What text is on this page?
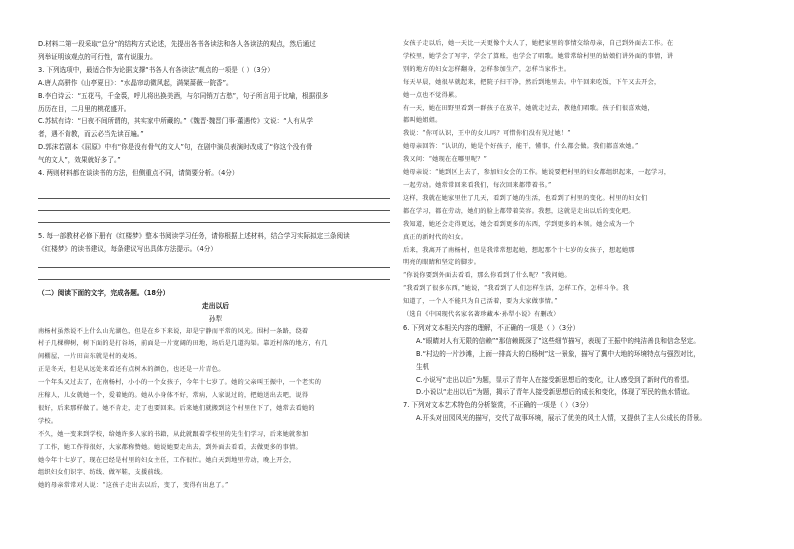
D.材料二第一段采取“总分”的结构方式论述，先提出各书各读法和各人各读法的观点，然后通过
列举证明该观点的可行性，富有说服力。
3. 下列选项中，最适合作为论据支撑“书各人有各读法”观点的一项是（ ）（3分）
A.唐人高骈作《山亭夏日》：“水晶帘动微风起，满架蔷薇一院香”。
B.李白诗云：“五花马，千金裘，呼儿将出换美酒，与尔同销万古愁”，句子所言用于比喻，根据很多
历历在目，二月里的桃花盛开。
C.苏轼有诗：“日夜不间所谓的，其实家中所藏的。”《魏晋·魏晋门事·董遇传》文说：“人有从学
者，遇不肯教，而云必当先读百遍。”
D.郭沫若剧本《屈原》中有“你是没有骨气的文人”句，在剧中演员表演时改成了“你这个没有骨
气的文人”，效果就好多了。”
4. 两则材料都在谈读书的方法，但侧重点不同，请简要分析。（4分）
5. 每一部教材必修下册有《红楼梦》整本书阅读学习任务，请你根据上述材料，结合学习实际拟定三条阅读
《红楼梦》的读书建议，每条建议写出具体方法提示。（4分）
（二）阅读下面的文字，完成各题。（18分）
走出以后
孙犁
南杨村虽然说不上什么山光湖色，但是在乡下来说，却是宁静而平常的风光。围村一条路，绕着
村子几棵柳树，树下面的是打谷场，前面是一片宽阔的田地，场后是几道沟渠。靠近村落的地方，有几
间棚屋，一片田亩东就是村的麦场。
正是冬天，但是从远处来看还有点树木的颜色，也还是一片青色。
一个年头又过去了，在南杨村，小小的一个女孩子，今年十七岁了。她的父亲叫王振中，一个老实的
庄稼人，儿女就她一个，爱着她的。她从小身体不好，常病，人家说过的，把她送出去吧，说得
很好，后来那样做了。她不肯走，走了也要回来。后来她们就搬到这个村里住下了，她常去看她的
学校。
不久，她一变来到学校，给她许多人家的书籍，从此就跟着学校里的先生们学习，后来她就参加
了工作，她工作得很好，大家都称赞她。她说她要走出去，到外面去看看，去做更多的事情。
她今年十七岁了，现在已经是村里的妇女主任，工作很忙。她白天到地里劳动，晚上开会，
组织妇女们识字、纺线、做军鞋，支援前线。
她的母亲常常对人说：“这孩子走出去以后，变了，变得有出息了。”
女孩子走以后，她一天比一天更像个大人了，她把家里的事情交给母亲，自己到外面去工作。在
学校里，她学会了写字，学会了算账，也学会了唱歌。她常常给村里的姑娘们讲外面的事情，讲
别的地方的妇女怎样翻身，怎样参加生产，怎样当家作主。
每天早晨，她很早就起来，把院子扫干净，然后到地里去。中午回来吃饭，下午又去开会，
她一点也不觉得累。
有一天，她在田野里看到一群孩子在放羊，她就走过去，教他们唱歌。孩子们很喜欢她，
都叫她姐姐。
我说：“你可认识，王中的女儿吗？可惜你们没有见过她！”
她母亲回答：“认识的，她是个好孩子，能干，懂事，什么都会做。我们都喜欢她。”
我又问：“她现在在哪里呢？”
她母亲说：“她到区上去了，参加妇女会的工作。她说要把村里的妇女都组织起来，一起学习，
一起劳动。她常常回来看我们，每次回来都带着书。”
这样，我就在她家里住了几天，看到了她的生活，也看到了村里的变化。村里的妇女们
都在学习，都在劳动，她们的脸上都带着笑容。我想，这就是走出以后的变化吧。
我知道，她还会走得更远，她会看到更多的东西，学到更多的本领。她会成为一个
真正的新时代的妇女。
后来，我离开了南杨村，但是我常常想起她，想起那个十七岁的女孩子，想起她那
明亮的眼睛和坚定的脚步。
“你说你要到外面去看看，那么你看到了什么呢？”我问她。
“我看到了很多东西，”她说，“我看到了人们怎样生活，怎样工作，怎样斗争。我
知道了，一个人不能只为自己活着，要为大家做事情。”
（选自《中国现代名家名著珍藏本·孙犁小说》有删改）
6. 下列对文本相关内容的理解，不正确的一项是（ ）（3分）
A.“眼睛对人有无限的信赖”“那信赖既深了”这些细节描写，表现了王振中的纯洁善良和信念坚定。
B.“村边的一片沙滩，上面一排高大的白杨树”这一景象，描写了冀中大地的环境特点与强烈对比，
生机
C.小说写“走出以后”为题，显示了青年人在接受新思想后的变化，让人感受到了新时代的希望。
D.小说以“走出以后”为题，揭示了青年人接受新思想后的成长和变化，体现了军民的鱼水情谊。
7. 下列对文本艺术特色的分析鉴赏，不正确的一项是（ ）（3分）
A.开头对田园风光的描写，交代了故事环境，展示了优美的风土人情，又提供了主人公成长的背景。
